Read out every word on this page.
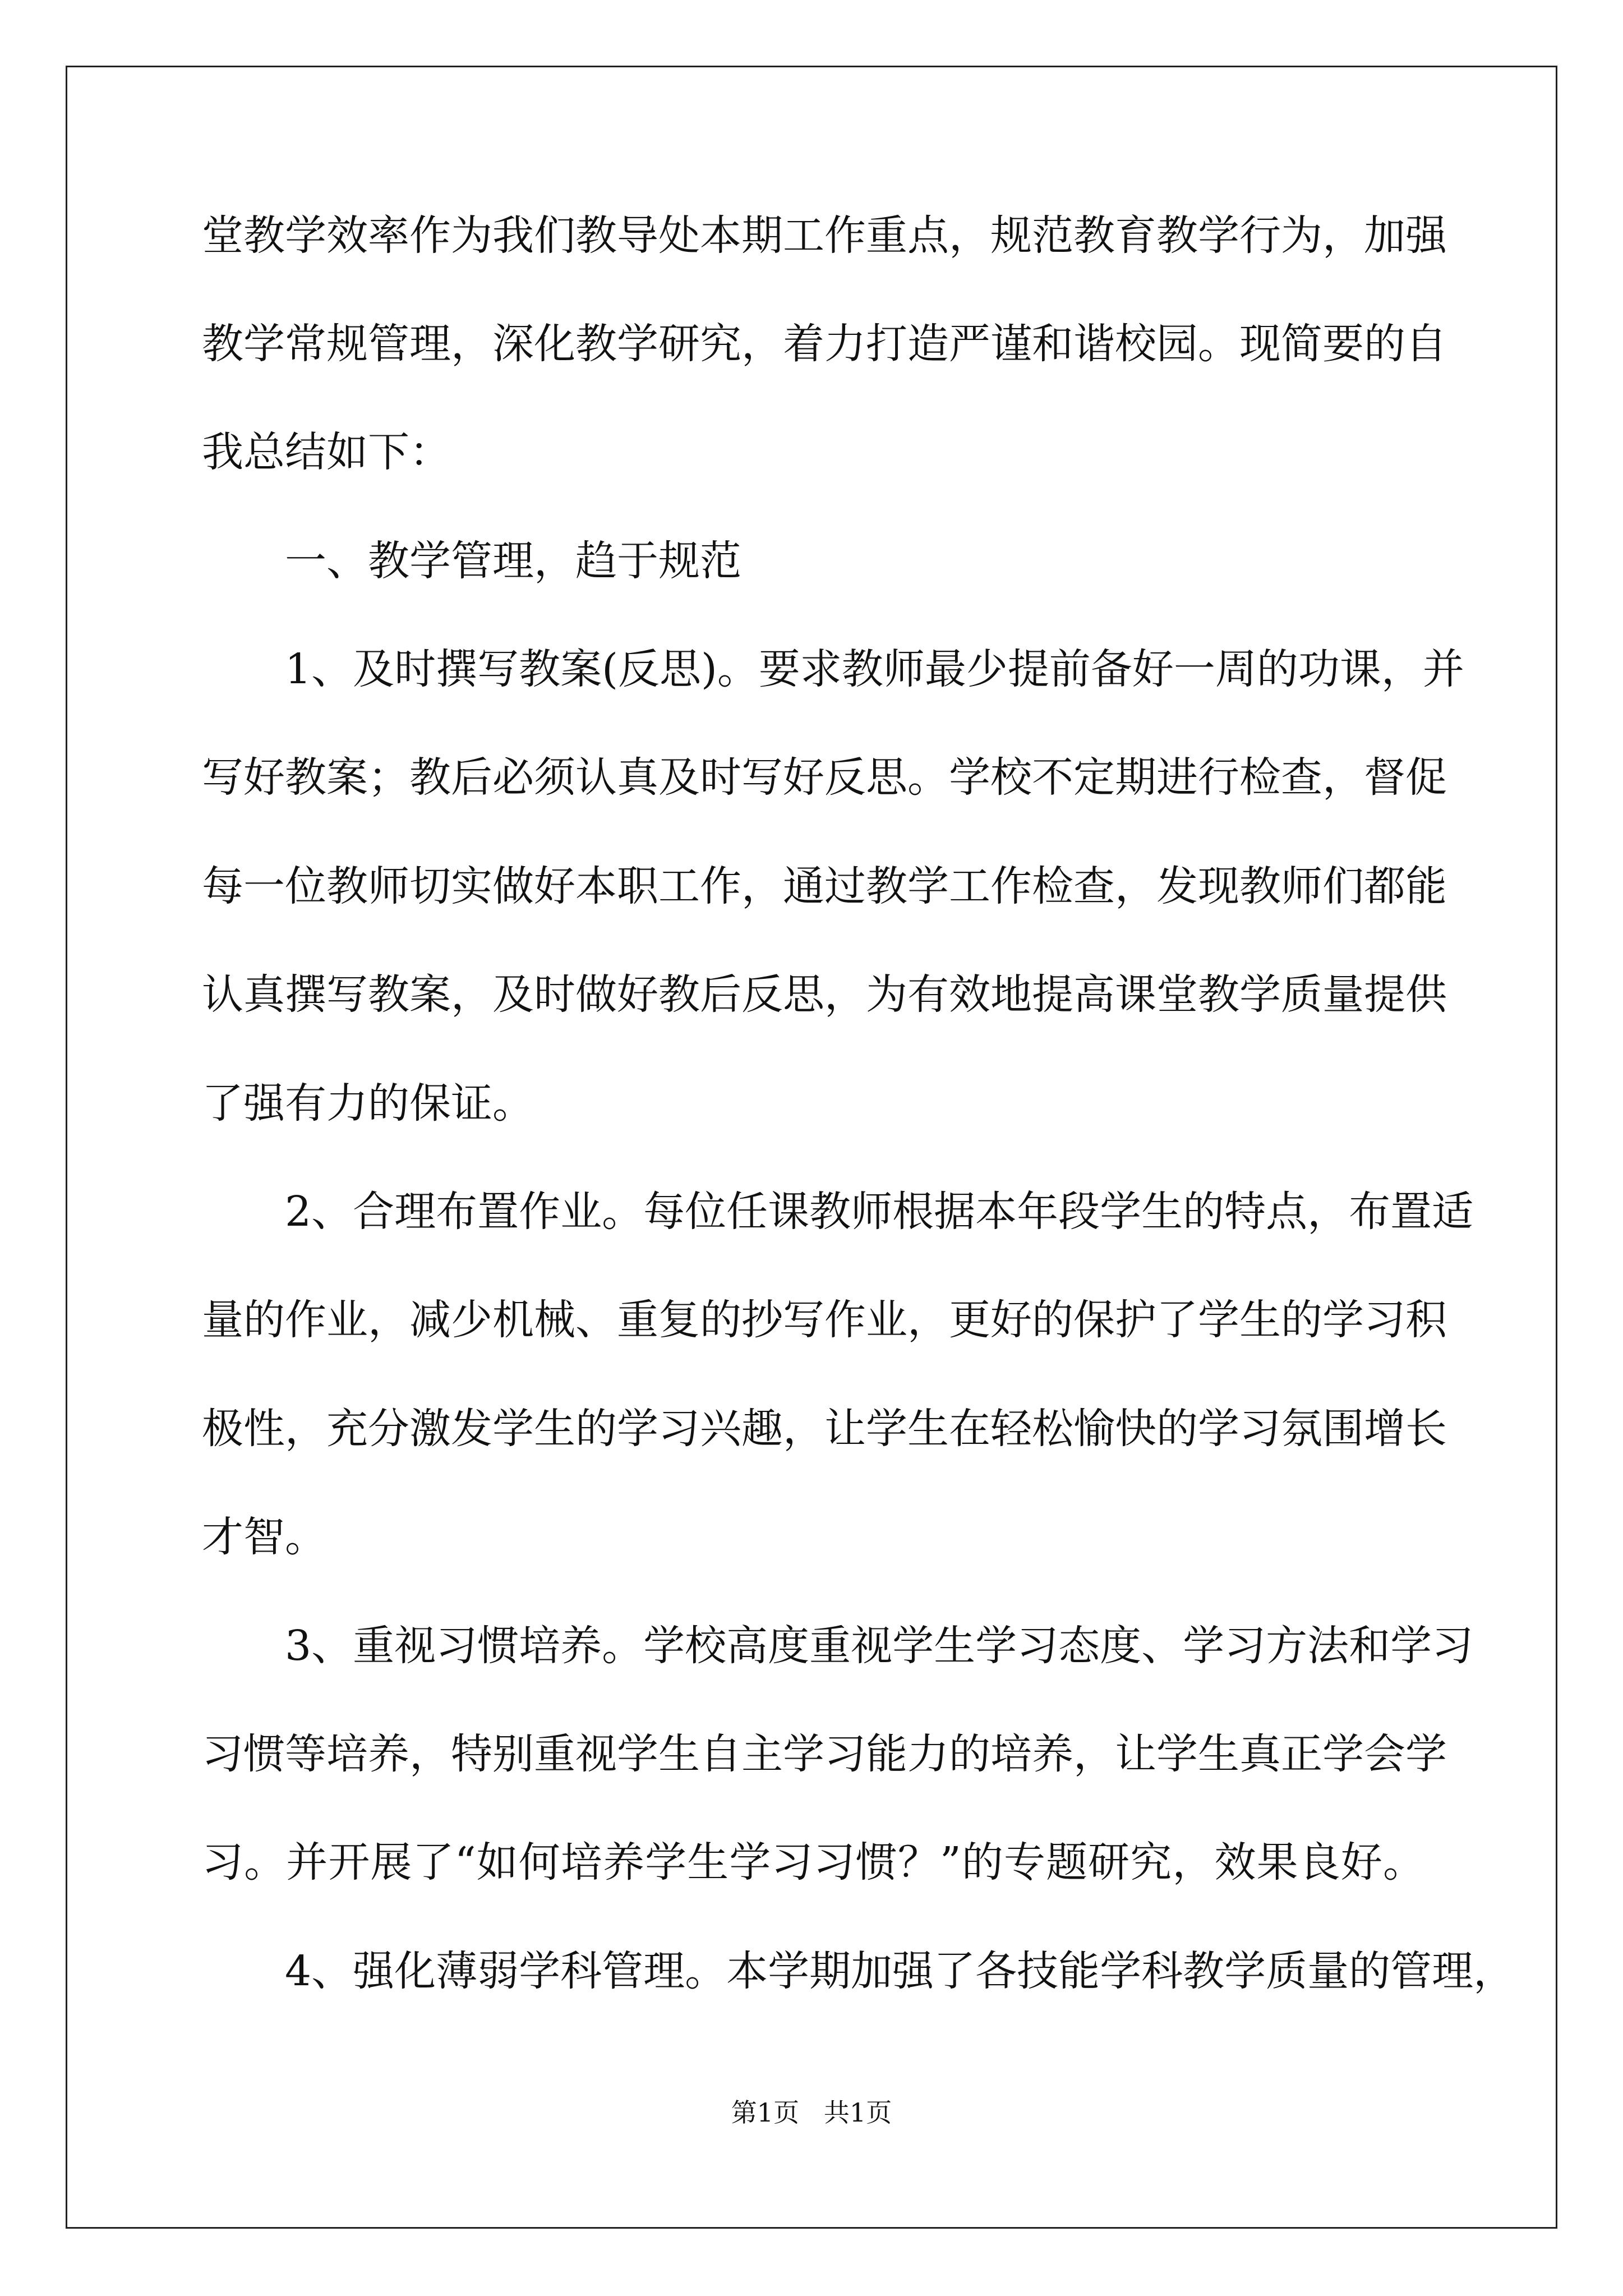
堂教学效率作为我们教导处本期工作重点，规范教育教学行为，加强
教学常规管理，深化教学研究，着力打造严谨和谐校园。现简要的自
我总结如下：
一、教学管理，趋于规范
1、及时撰写教案(反思)。要求教师最少提前备好一周的功课，并
写好教案；教后必须认真及时写好反思。学校不定期进行检查，督促
每一位教师切实做好本职工作，通过教学工作检查，发现教师们都能
认真撰写教案，及时做好教后反思，为有效地提高课堂教学质量提供
了强有力的保证。
2、合理布置作业。每位任课教师根据本年段学生的特点，布置适
量的作业，减少机械、重复的抄写作业，更好的保护了学生的学习积
极性，充分激发学生的学习兴趣，让学生在轻松愉快的学习氛围增长
才智。
3、重视习惯培养。学校高度重视学生学习态度、学习方法和学习
习惯等培养，特别重视学生自主学习能力的培养，让学生真正学会学
习。并开展了“如何培养学生学习习惯？”的专题研究，效果良好。
4、强化薄弱学科管理。本学期加强了各技能学科教学质量的管理，
第1页   共1页
